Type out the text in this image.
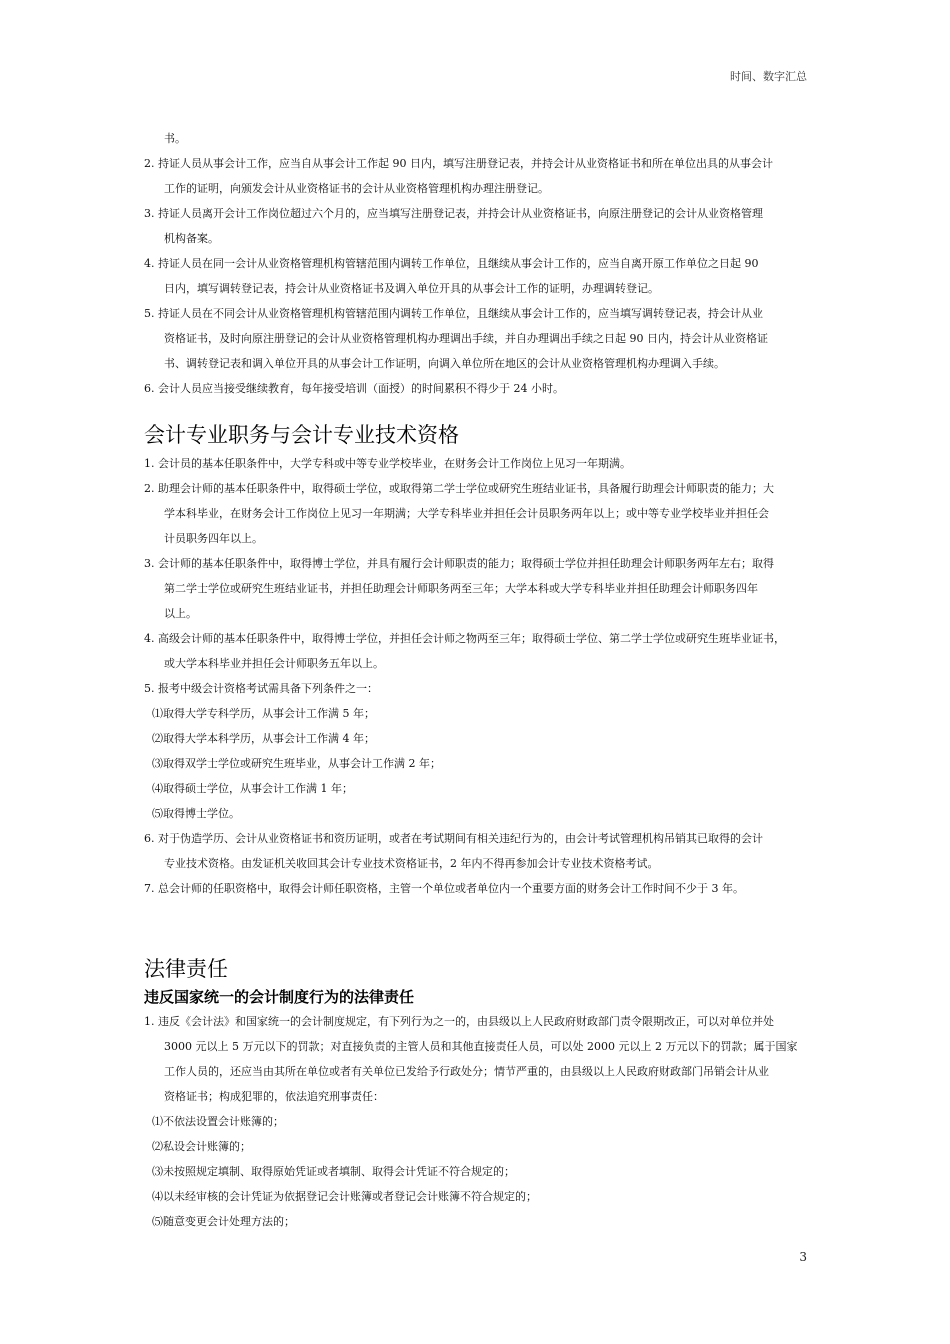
时间、数字汇总
书。
2. 持证人员从事会计工作，应当自从事会计工作起 90 日内，填写注册登记表，并持会计从业资格证书和所在单位出具的从事会计
工作的证明，向颁发会计从业资格证书的会计从业资格管理机构办理注册登记。
3. 持证人员离开会计工作岗位超过六个月的，应当填写注册登记表，并持会计从业资格证书，向原注册登记的会计从业资格管理
机构备案。
4. 持证人员在同一会计从业资格管理机构管辖范围内调转工作单位，且继续从事会计工作的，应当自离开原工作单位之日起 90
日内，填写调转登记表，持会计从业资格证书及调入单位开具的从事会计工作的证明，办理调转登记。
5. 持证人员在不同会计从业资格管理机构管辖范围内调转工作单位，且继续从事会计工作的，应当填写调转登记表，持会计从业
资格证书，及时向原注册登记的会计从业资格管理机构办理调出手续，并自办理调出手续之日起 90 日内，持会计从业资格证
书、调转登记表和调入单位开具的从事会计工作证明，向调入单位所在地区的会计从业资格管理机构办理调入手续。
6. 会计人员应当接受继续教育，每年接受培训（面授）的时间累积不得少于 24 小时。
会计专业职务与会计专业技术资格
1. 会计员的基本任职条件中，大学专科或中等专业学校毕业，在财务会计工作岗位上见习一年期满。
2. 助理会计师的基本任职条件中，取得硕士学位，或取得第二学士学位或研究生班结业证书，具备履行助理会计师职责的能力；大
学本科毕业，在财务会计工作岗位上见习一年期满；大学专科毕业并担任会计员职务两年以上；或中等专业学校毕业并担任会
计员职务四年以上。
3. 会计师的基本任职条件中，取得博士学位，并具有履行会计师职责的能力；取得硕士学位并担任助理会计师职务两年左右；取得
第二学士学位或研究生班结业证书，并担任助理会计师职务两至三年；大学本科或大学专科毕业并担任助理会计师职务四年
以上。
4. 高级会计师的基本任职条件中，取得博士学位，并担任会计师之物两至三年；取得硕士学位、第二学士学位或研究生班毕业证书，
或大学本科毕业并担任会计师职务五年以上。
5. 报考中级会计资格考试需具备下列条件之一：
⑴取得大学专科学历，从事会计工作满 5 年；
⑵取得大学本科学历，从事会计工作满 4 年；
⑶取得双学士学位或研究生班毕业，从事会计工作满 2 年；
⑷取得硕士学位，从事会计工作满 1 年；
⑸取得博士学位。
6. 对于伪造学历、会计从业资格证书和资历证明，或者在考试期间有相关违纪行为的，由会计考试管理机构吊销其已取得的会计
专业技术资格。由发证机关收回其会计专业技术资格证书，2 年内不得再参加会计专业技术资格考试。
7. 总会计师的任职资格中，取得会计师任职资格，主管一个单位或者单位内一个重要方面的财务会计工作时间不少于 3 年。
法律责任
违反国家统一的会计制度行为的法律责任
1. 违反《会计法》和国家统一的会计制度规定，有下列行为之一的，由县级以上人民政府财政部门责令限期改正，可以对单位并处
3000 元以上 5 万元以下的罚款；对直接负责的主管人员和其他直接责任人员，可以处 2000 元以上 2 万元以下的罚款；属于国家
工作人员的，还应当由其所在单位或者有关单位已发给予行政处分；情节严重的，由县级以上人民政府财政部门吊销会计从业
资格证书；构成犯罪的，依法追究刑事责任：
⑴不依法设置会计账簿的；
⑵私设会计账簿的；
⑶未按照规定填制、取得原始凭证或者填制、取得会计凭证不符合规定的；
⑷以未经审核的会计凭证为依据登记会计账簿或者登记会计账簿不符合规定的；
⑸随意变更会计处理方法的；
3
